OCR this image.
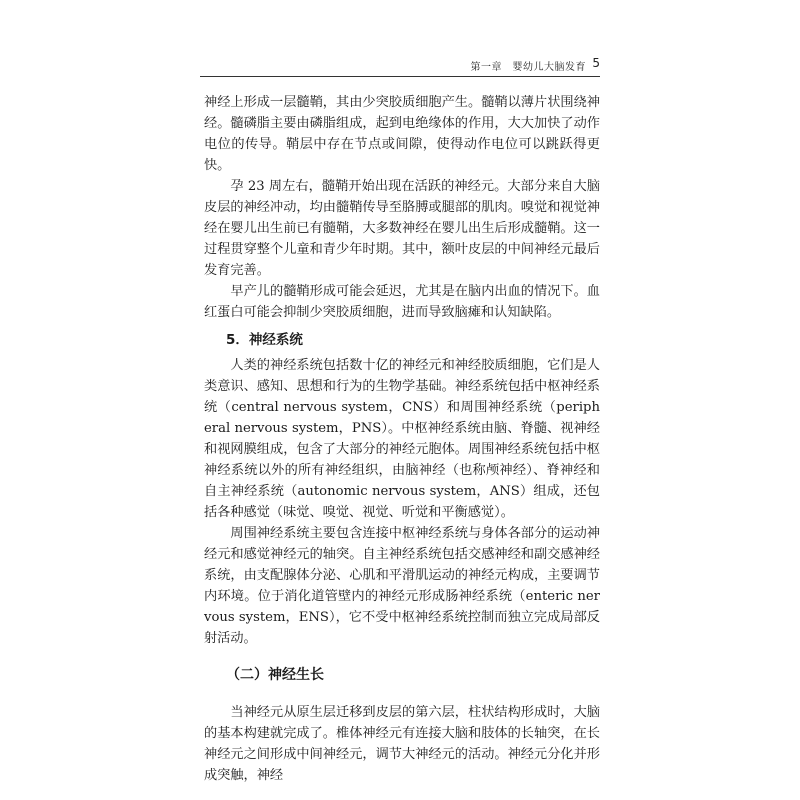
第一章　婴幼儿大脑发育 5

神经上形成一层髓鞘，其由少突胶质细胞产生。髓鞘以薄片状围绕神经。髓磷脂主要由磷脂组成，起到电绝缘体的作用，大大加快了动作电位的传导。鞘层中存在节点或间隙，使得动作电位可以跳跃得更快。

孕 23 周左右，髓鞘开始出现在活跃的神经元。大部分来自大脑皮层的神经冲动，均由髓鞘传导至胳膊或腿部的肌肉。嗅觉和视觉神经在婴儿出生前已有髓鞘，大多数神经在婴儿出生后形成髓鞘。这一过程贯穿整个儿童和青少年时期。其中，额叶皮层的中间神经元最后发育完善。

早产儿的髓鞘形成可能会延迟，尤其是在脑内出血的情况下。血红蛋白可能会抑制少突胶质细胞，进而导致脑瘫和认知缺陷。

5．神经系统

人类的神经系统包括数十亿的神经元和神经胶质细胞，它们是人类意识、感知、思想和行为的生物学基础。神经系统包括中枢神经系统（central nervous system，CNS）和周围神经系统（peripheral nervous system，PNS）。中枢神经系统由脑、脊髓、视神经和视网膜组成，包含了大部分的神经元胞体。周围神经系统包括中枢神经系统以外的所有神经组织，由脑神经（也称颅神经）、脊神经和自主神经系统（autonomic nervous system，ANS）组成，还包括各种感觉（味觉、嗅觉、视觉、听觉和平衡感觉）。

周围神经系统主要包含连接中枢神经系统与身体各部分的运动神经元和感觉神经元的轴突。自主神经系统包括交感神经和副交感神经系统，由支配腺体分泌、心肌和平滑肌运动的神经元构成，主要调节内环境。位于消化道管壁内的神经元形成肠神经系统（enteric nervous system，ENS），它不受中枢神经系统控制而独立完成局部反射活动。

（二）神经生长

当神经元从原生层迁移到皮层的第六层，柱状结构形成时，大脑的基本构建就完成了。椎体神经元有连接大脑和肢体的长轴突，在长神经元之间形成中间神经元，调节大神经元的活动。神经元分化并形成突触，神经
